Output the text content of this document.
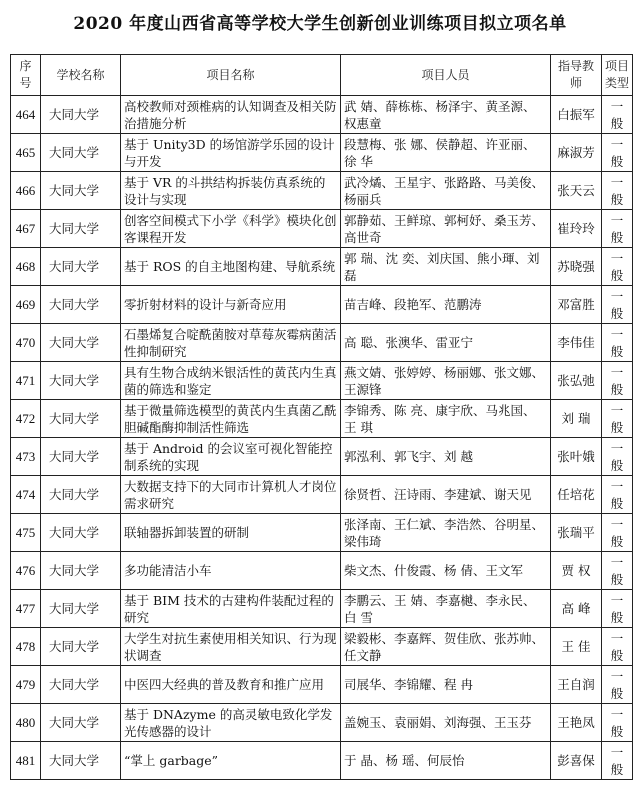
2020 年度山西省高等学校大学生创新创业训练项目拟立项名单
序号	学校名称	项目名称	项目人员	指导教师	项目类型
464	大同大学	高校教师对颈椎病的认知调查及相关防治措施分析	武 婧、薛栋栋、杨泽宇、黄圣源、权惠童	白振军	一般
465	大同大学	基于 Unity3D 的场馆游学乐园的设计与开发	段慧梅、张 娜、侯静超、许亚丽、徐 华	麻淑芳	一般
466	大同大学	基于 VR 的斗拱结构拆装仿真系统的设计与实现	武冷燏、王星宇、张路路、马美俊、杨丽兵	张天云	一般
467	大同大学	创客空间模式下小学《科学》模块化创客课程开发	郭静茹、王鲜琼、郭柯妤、桑玉芳、高世奇	崔玲玲	一般
468	大同大学	基于 ROS 的自主地图构建、导航系统	郭 瑞、沈 奕、刘庆国、熊小琿、刘 磊	苏晓强	一般
469	大同大学	零折射材料的设计与新奇应用	苗吉峰、段艳军、范鹏涛	邓富胜	一般
470	大同大学	石墨烯复合啶酰菌胺对草莓灰霉病菌活性抑制研究	高 聪、张澳华、雷亚宁	李伟佳	一般
471	大同大学	具有生物合成纳米银活性的黄芪内生真菌的筛选和鉴定	燕文婧、张婷婷、杨丽娜、张文娜、王源锋	张弘弛	一般
472	大同大学	基于微量筛选模型的黄芪内生真菌乙酰胆碱酯酶抑制活性筛选	李锦秀、陈 亮、康宇欣、马兆国、王 琪	刘 瑞	一般
473	大同大学	基于 Android 的会议室可视化智能控制系统的实现	郭泓利、郭飞宇、刘 越	张叶娥	一般
474	大同大学	大数据支持下的大同市计算机人才岗位需求研究	徐贤哲、汪诗雨、李建斌、谢天见	任培花	一般
475	大同大学	联轴器拆卸装置的研制	张泽南、王仁斌、李浩然、谷明星、梁伟琦	张瑞平	一般
476	大同大学	多功能清洁小车	柴文杰、什俊霞、杨 倩、王文军	贾 权	一般
477	大同大学	基于 BIM 技术的古建构件装配过程的研究	李鹏云、王 婧、李嘉樾、李永民、白 雪	高 峰	一般
478	大同大学	大学生对抗生素使用相关知识、行为现状调查	梁毅彬、李嘉辉、贺佳欣、张苏帅、任文静	王 佳	一般
479	大同大学	中医四大经典的普及教育和推广应用	司展华、李锦耀、程 冉	王自润	一般
480	大同大学	基于 DNAzyme 的高灵敏电致化学发光传感器的设计	盖婉玉、袁丽娟、刘海强、王玉芬	王艳凤	一般
481	大同大学	“掌上 garbage”	于 晶、杨 瑶、何辰怡	彭喜保	一般
